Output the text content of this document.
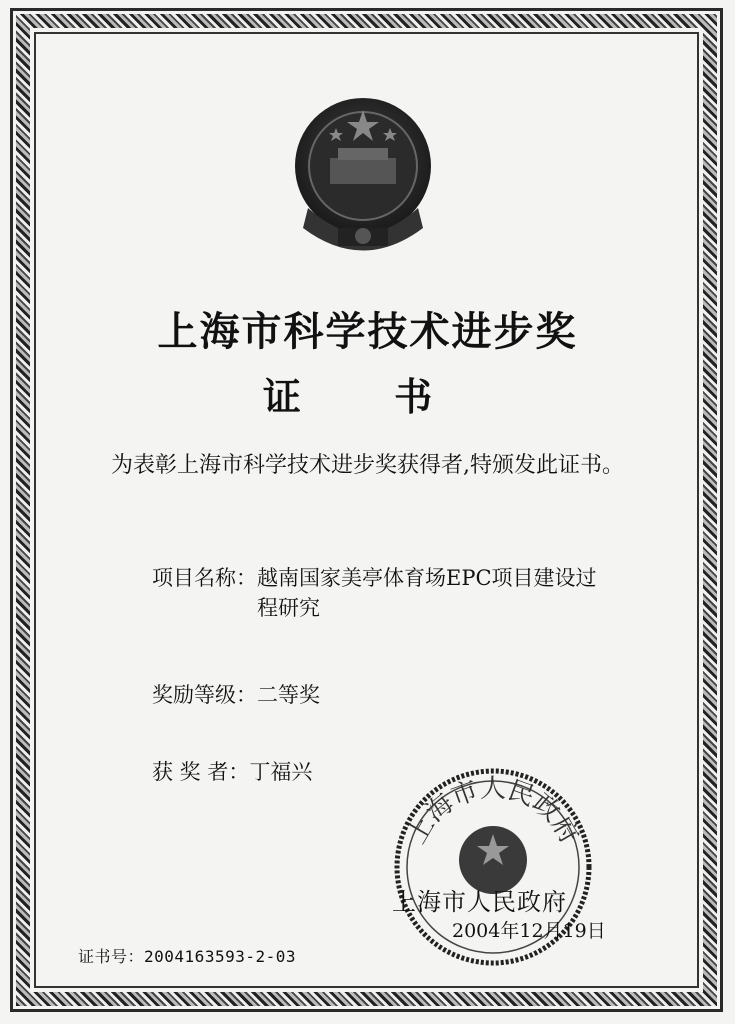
上海市科学技术进步奖
证 书
为表彰上海市科学技术进步奖获得者,特颁发此证书。
项目名称：越南国家美亭体育场EPC项目建设过程研究
奖励等级：二等奖
获 奖 者：丁福兴
上海市人民政府
上海市人民政府
2004年12月19日
证书号：2004163593-2-03
